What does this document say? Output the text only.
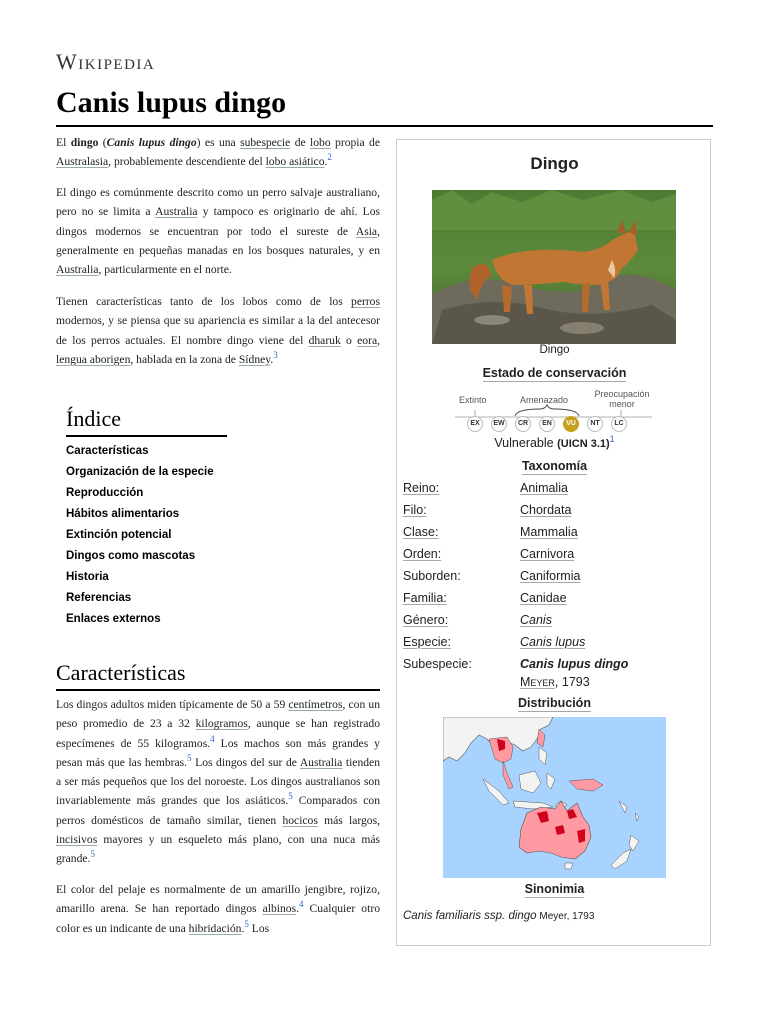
Wikipedia
Canis lupus dingo

El dingo (Canis lupus dingo) es una subespecie de lobo propia de Australasia, probablemente descendiente del lobo asiático.$^2$

El dingo es comúnmente descrito como un perro salvaje australiano, pero no se limita a Australia y tampoco es originario de ahí. Los dingos modernos se encuentran por todo el sureste de Asia, generalmente en pequeñas manadas en los bosques naturales, y en Australia, particularmente en el norte.

Tienen características tanto de los lobos como de los perros modernos, y se piensa que su apariencia es similar a la del antecesor de los perros actuales. El nombre dingo viene del dharuk o eora, lengua aborigen, hablada en la zona de Sídney.$^3$

Índice
Características
Organización de la especie
Reproducción
Hábitos alimentarios
Extinción potencial
Dingos como mascotas
Historia
Referencias
Enlaces externos
Características

Los dingos adultos miden típicamente de 50 a 59 centímetros, con un peso promedio de 23 a 32 kilogramos, aunque se han registrado especímenes de 55 kilogramos.$^4$ Los machos son más grandes y pesan más que las hembras.$^5$ Los dingos del sur de Australia tienden a ser más pequeños que los del noroeste. Los dingos australianos son invariablemente más grandes que los asiáticos.$^5$ Comparados con perros domésticos de tamaño similar, tienen hocicos más largos, incisivos mayores y un esqueleto más plano, con una nuca más grande.$^5$

El color del pelaje es normalmente de un amarillo jengibre, rojizo, amarillo arena. Se han reportado dingos albinos.$^4$ Cualquier otro color es un indicante de una hibridación.$^5$ Los

Dingo
Dingo
Estado de conservación
Extinto	Amenazado
Preocupación menor
EX	EW	CR	EN	VU	NT	LC
Vulnerable (UICN 3.1)$^1$
Taxonomía
Reino:	Animalia
Filo:	Chordata
Clase:	Mammalia
Orden:	Carnivora
Suborden:	Caniformia
Familia:	Canidae
Género:	Canis
Especie:	Canis lupus
Subespecie:	Canis lupus dingo
Meyer, 1793
Distribución
Sinonimia
Canis familiaris ssp. dingo Meyer, 1793
